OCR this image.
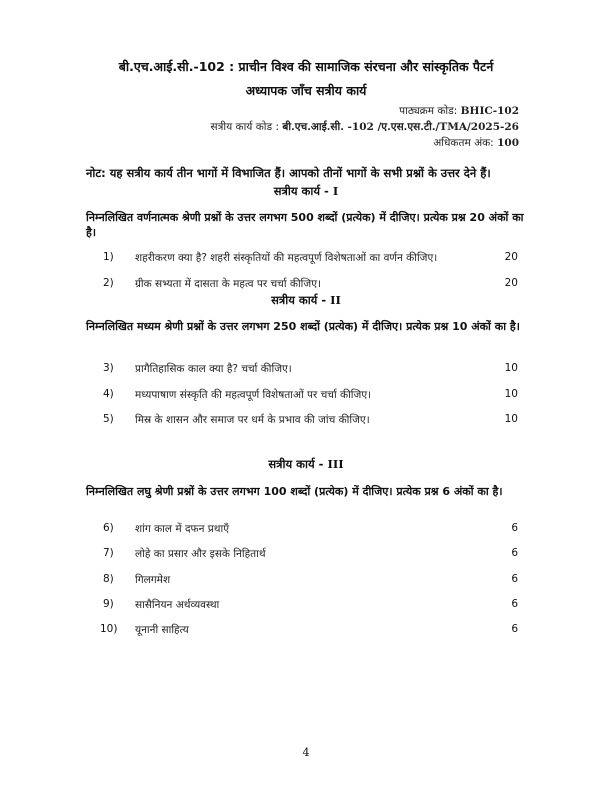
बी.एच.आई.सी.-102 : प्राचीन विश्व की सामाजिक संरचना और सांस्कृतिक पैटर्न
अध्यापक जाँच सत्रीय कार्य
पाठ्यक्रम कोड: BHIC-102
सत्रीय कार्य कोड : बी.एच.आई.सी. -102 /ए.एस.एस.टी./TMA/2025-26
अधिकतम अंक: 100
नोट: यह सत्रीय कार्य तीन भागों में विभाजित हैं। आपको तीनों भागों के सभी प्रश्नों के उत्तर देने हैं।
सत्रीय कार्य - I
निम्नलिखित वर्णनात्मक श्रेणी प्रश्नों के उत्तर लगभग 500 शब्दों (प्रत्येक) में दीजिए। प्रत्येक प्रश्न 20 अंकों का है।
1) शहरीकरण क्या है? शहरी संस्कृतियों की महत्वपूर्ण विशेषताओं का वर्णन कीजिए।	20
2) ग्रीक सभ्यता में दासता के महत्व पर चर्चा कीजिए।	20
सत्रीय कार्य - II
निम्नलिखित मध्यम श्रेणी प्रश्नों के उत्तर लगभग 250 शब्दों (प्रत्येक) में दीजिए। प्रत्येक प्रश्न 10 अंकों का है।
3) प्रागैतिहासिक काल क्या है? चर्चा कीजिए।	10
4) मध्यपाषाण संस्कृति की महत्वपूर्ण विशेषताओं पर चर्चा कीजिए।	10
5) मिस्र के शासन और समाज पर धर्म के प्रभाव की जांच कीजिए।	10
सत्रीय कार्य - III
निम्नलिखित लघु श्रेणी प्रश्नों के उत्तर लगभग 100 शब्दों (प्रत्येक) में दीजिए। प्रत्येक प्रश्न 6 अंकों का है।
6) शांग काल में दफन प्रथाएँ	6
7) लोहे का प्रसार और इसके निहितार्थ	6
8) गिलगमेश	6
9) सासैनियन अर्थव्यवस्था	6
10) यूनानी साहित्य	6
4
